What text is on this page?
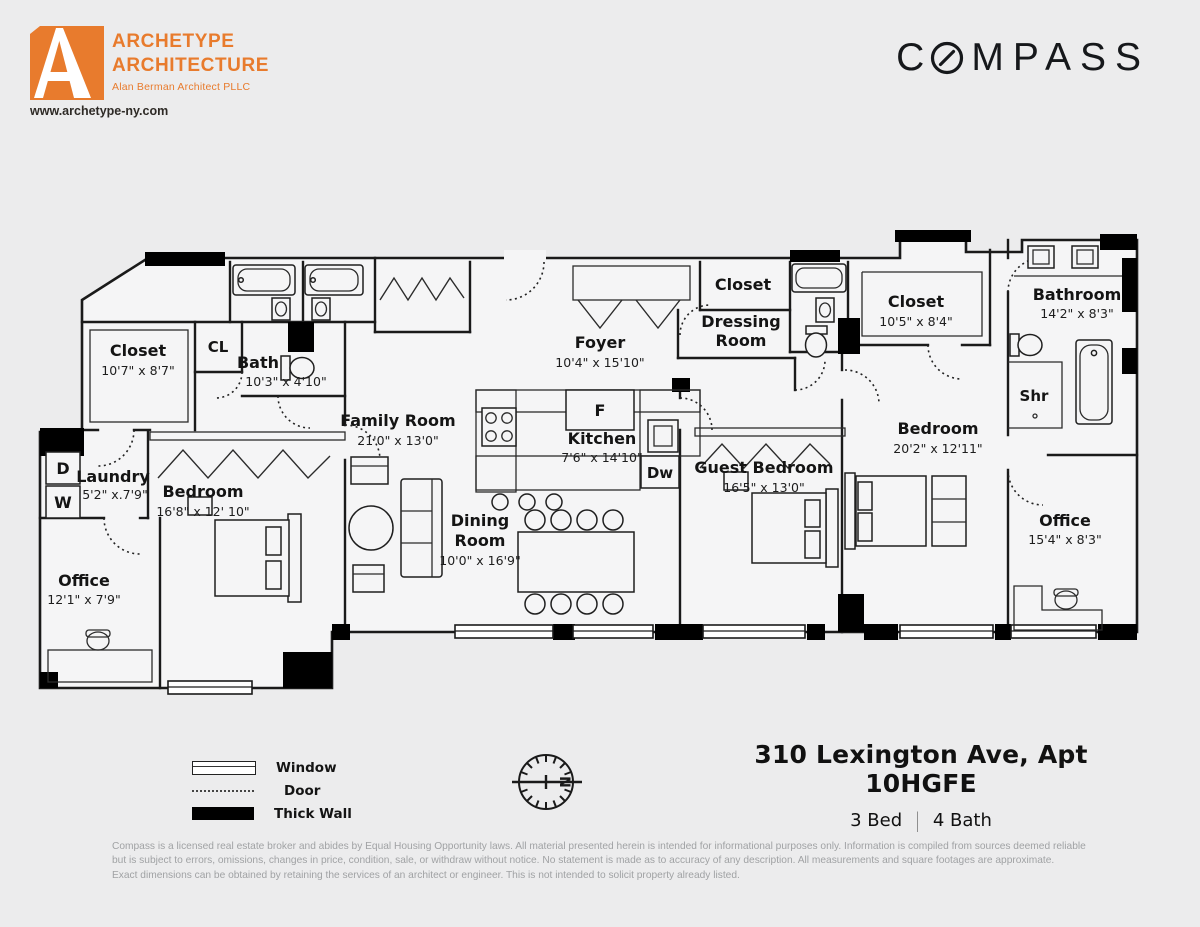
ARCHETYPE
ARCHITECTURE
Alan Berman Architect PLLC
www.archetype-ny.com
C MPASS
Closet
10'7" x 8'7"
CL
Bath
10'3" x 4'10"
Family Room
21'0" x 13'0"
Foyer
10'4" x 15'10"
Kitchen
7'6" x 14'10"
F
Dw
Closet
Dressing
Room
Closet
10'5" x 8'4"
Bathroom
14'2" x 8'3"
Shr
Bedroom
20'2" x 12'11"
Guest Bedroom
16'5" x 13'0"
Dining
Room
10'0" x 16'9"
Bedroom
16'8" x 12' 10"
Laundry
5'2" x.7'9"
D
W
Office
12'1" x 7'9"
Office
15'4" x 8'3"
Window
Door
Thick Wall
N
310 Lexington Ave, Apt 10HGFE
3 Bed | 4 Bath
Compass is a licensed real estate broker and abides by Equal Housing Opportunity laws. All material presented herein is intended for informational purposes only. Information is compiled from sources deemed reliable
but is subject to errors, omissions, changes in price, condition, sale, or withdraw without notice. No statement is made as to accuracy of any description. All measurements and square footages are approximate.
Exact dimensions can be obtained by retaining the services of an architect or engineer. This is not intended to solicit property already listed.
